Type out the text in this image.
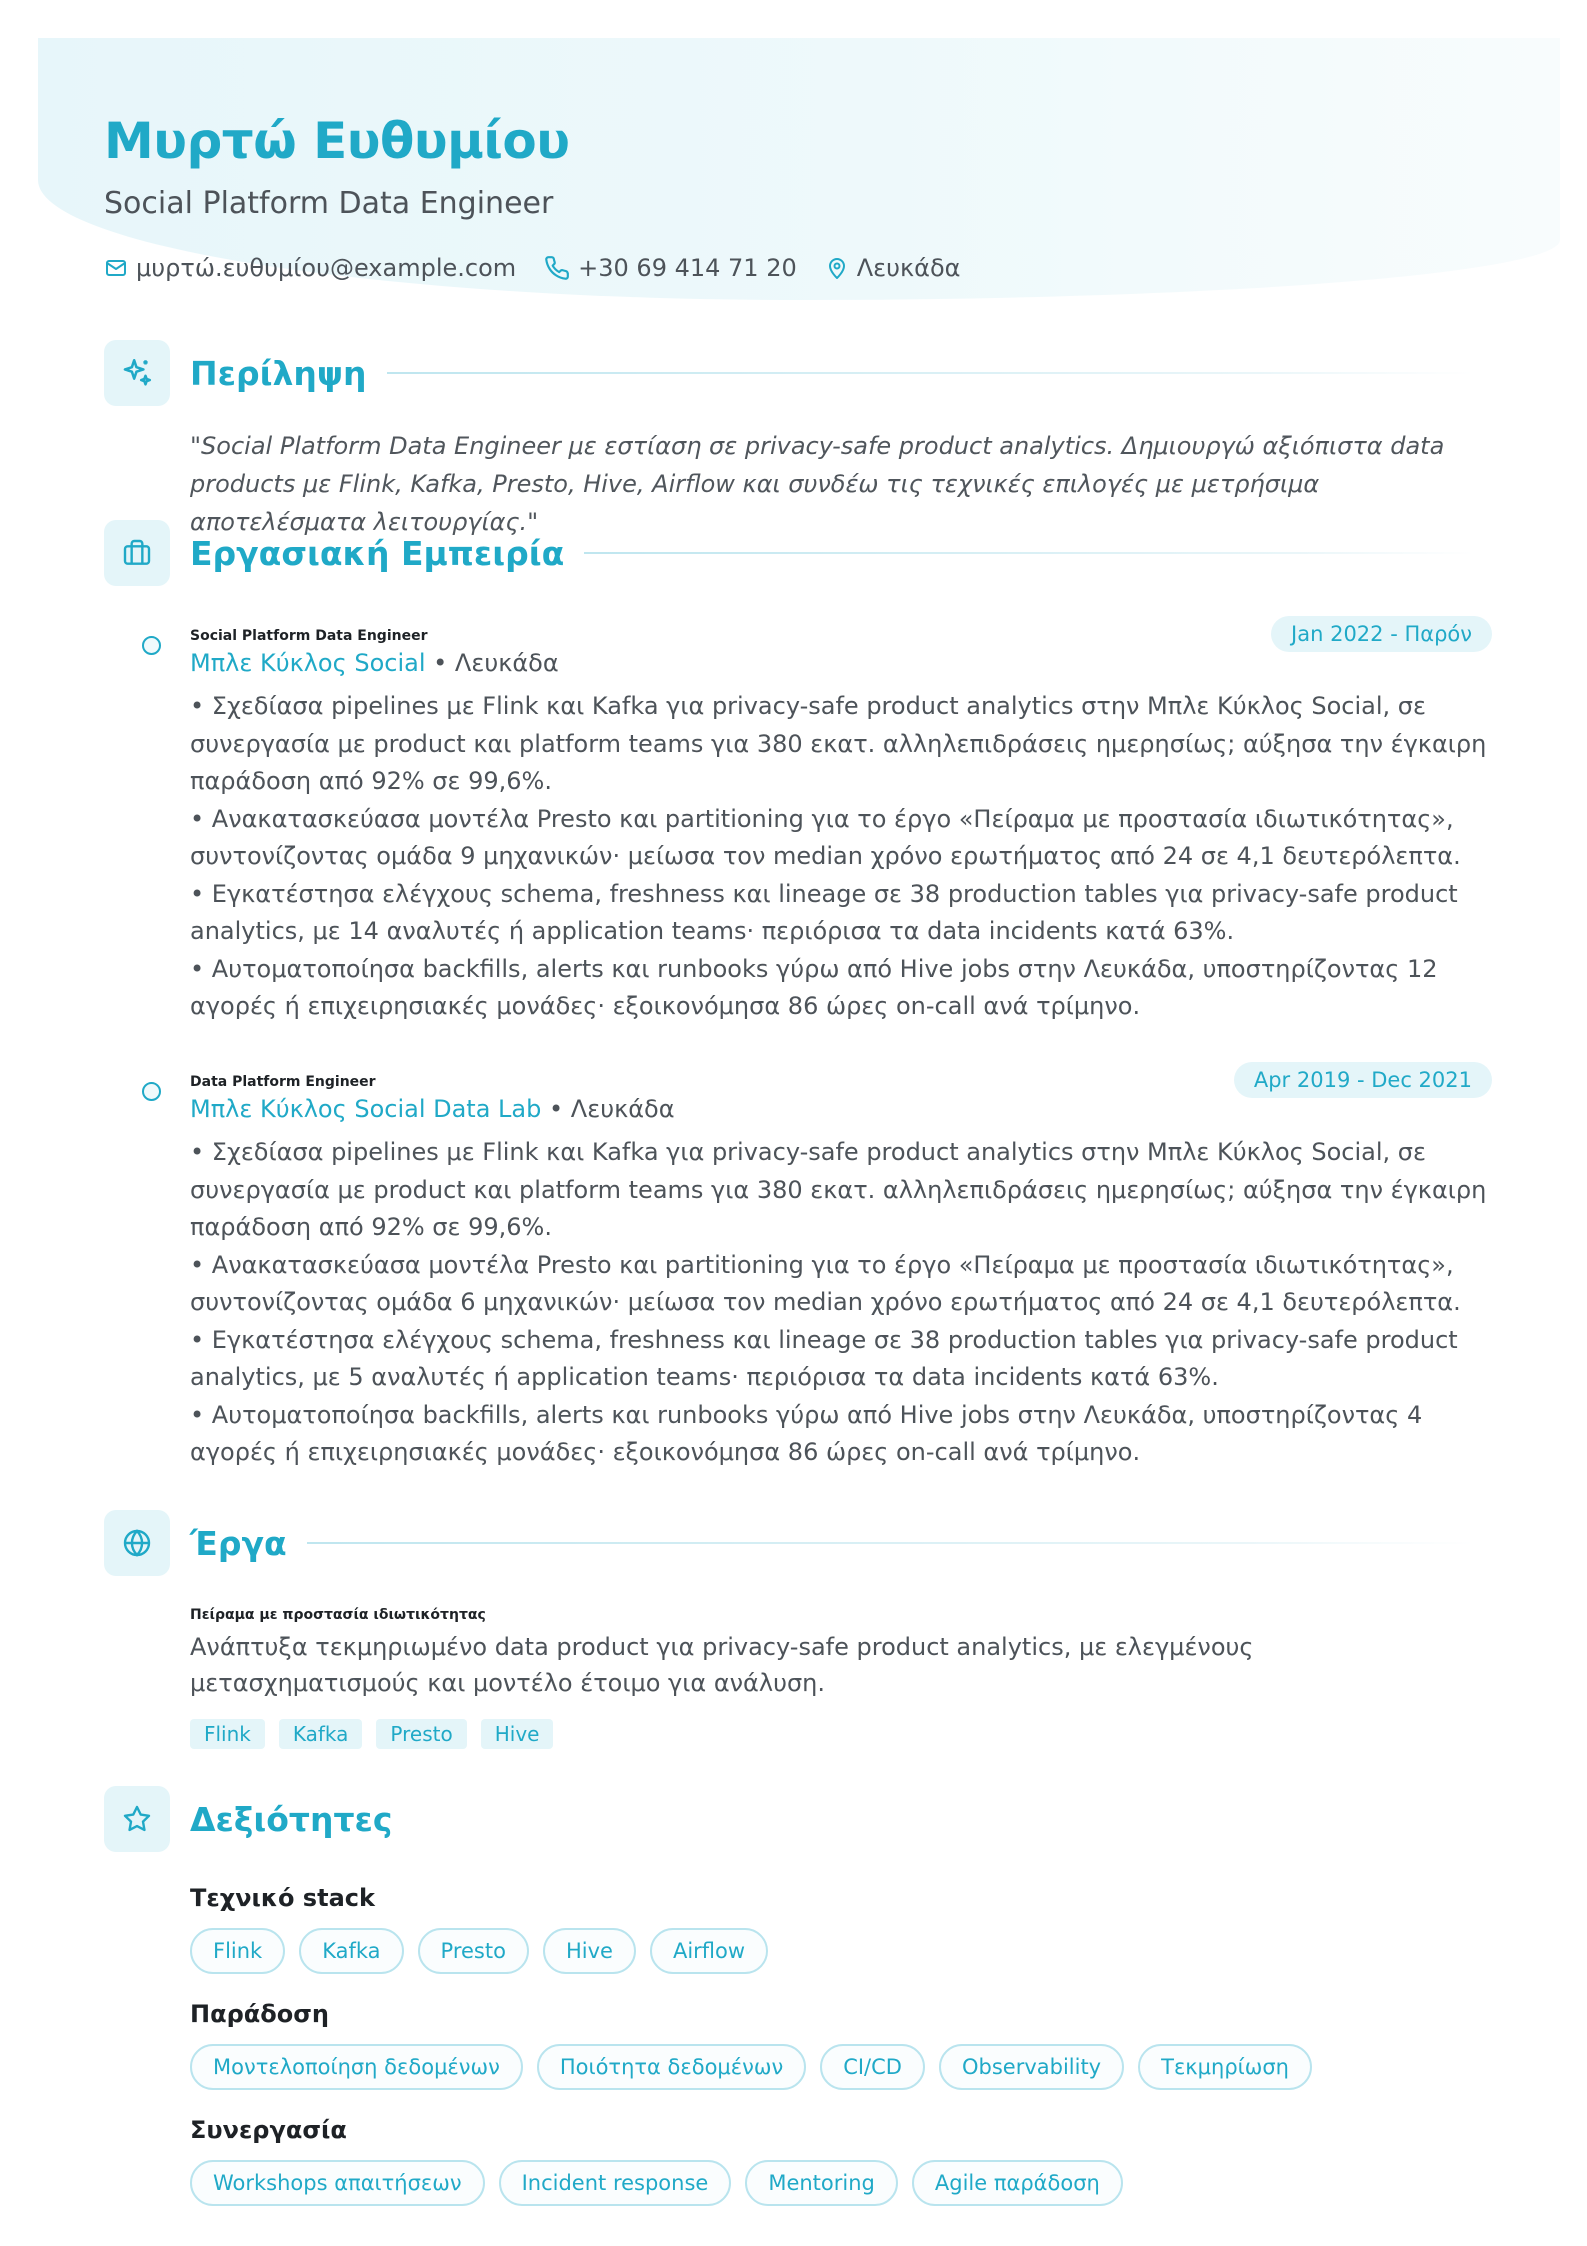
Μυρτώ Ευθυμίου
Social Platform Data Engineer
μυρτώ.ευθυμίου@example.com	+30 69 414 71 20	Λευκάδα
Περίληψη
"Social Platform Data Engineer με εστίαση σε privacy-safe product analytics. Δημιουργώ αξιόπιστα data products με Flink, Kafka, Presto, Hive, Airflow και συνδέω τις τεχνικές επιλογές με μετρήσιμα αποτελέσματα λειτουργίας."
Εργασιακή Εμπειρία
Jan 2022 - Παρόν
Social Platform Data Engineer
Μπλε Κύκλος Social • Λευκάδα
• Σχεδίασα pipelines με Flink και Kafka για privacy-safe product analytics στην Μπλε Κύκλος Social, σε συνεργασία με product και platform teams για 380 εκατ. αλληλεπιδράσεις ημερησίως; αύξησα την έγκαιρη παράδοση από 92% σε 99,6%.
• Ανακατασκεύασα μοντέλα Presto και partitioning για το έργο «Πείραμα με προστασία ιδιωτικότητας», συντονίζοντας ομάδα 9 μηχανικών· μείωσα τον median χρόνο ερωτήματος από 24 σε 4,1 δευτερόλεπτα.
• Εγκατέστησα ελέγχους schema, freshness και lineage σε 38 production tables για privacy-safe product analytics, με 14 αναλυτές ή application teams· περιόρισα τα data incidents κατά 63%.
• Αυτοματοποίησα backfills, alerts και runbooks γύρω από Hive jobs στην Λευκάδα, υποστηρίζοντας 12 αγορές ή επιχειρησιακές μονάδες· εξοικονόμησα 86 ώρες on-call ανά τρίμηνο.
Apr 2019 - Dec 2021
Data Platform Engineer
Μπλε Κύκλος Social Data Lab • Λευκάδα
• Σχεδίασα pipelines με Flink και Kafka για privacy-safe product analytics στην Μπλε Κύκλος Social, σε συνεργασία με product και platform teams για 380 εκατ. αλληλεπιδράσεις ημερησίως; αύξησα την έγκαιρη παράδοση από 92% σε 99,6%.
• Ανακατασκεύασα μοντέλα Presto και partitioning για το έργο «Πείραμα με προστασία ιδιωτικότητας», συντονίζοντας ομάδα 6 μηχανικών· μείωσα τον median χρόνο ερωτήματος από 24 σε 4,1 δευτερόλεπτα.
• Εγκατέστησα ελέγχους schema, freshness και lineage σε 38 production tables για privacy-safe product analytics, με 5 αναλυτές ή application teams· περιόρισα τα data incidents κατά 63%.
• Αυτοματοποίησα backfills, alerts και runbooks γύρω από Hive jobs στην Λευκάδα, υποστηρίζοντας 4 αγορές ή επιχειρησιακές μονάδες· εξοικονόμησα 86 ώρες on-call ανά τρίμηνο.
Έργα
Πείραμα με προστασία ιδιωτικότητας
Ανάπτυξα τεκμηριωμένο data product για privacy-safe product analytics, με ελεγμένους μετασχηματισμούς και μοντέλο έτοιμο για ανάλυση.
Flink	Kafka	Presto	Hive
Δεξιότητες
Τεχνικό stack
Flink	Kafka	Presto	Hive	Airflow
Παράδοση
Μοντελοποίηση δεδομένων	Ποιότητα δεδομένων	CI/CD	Observability	Τεκμηρίωση
Συνεργασία
Workshops απαιτήσεων	Incident response	Mentoring	Agile παράδοση
